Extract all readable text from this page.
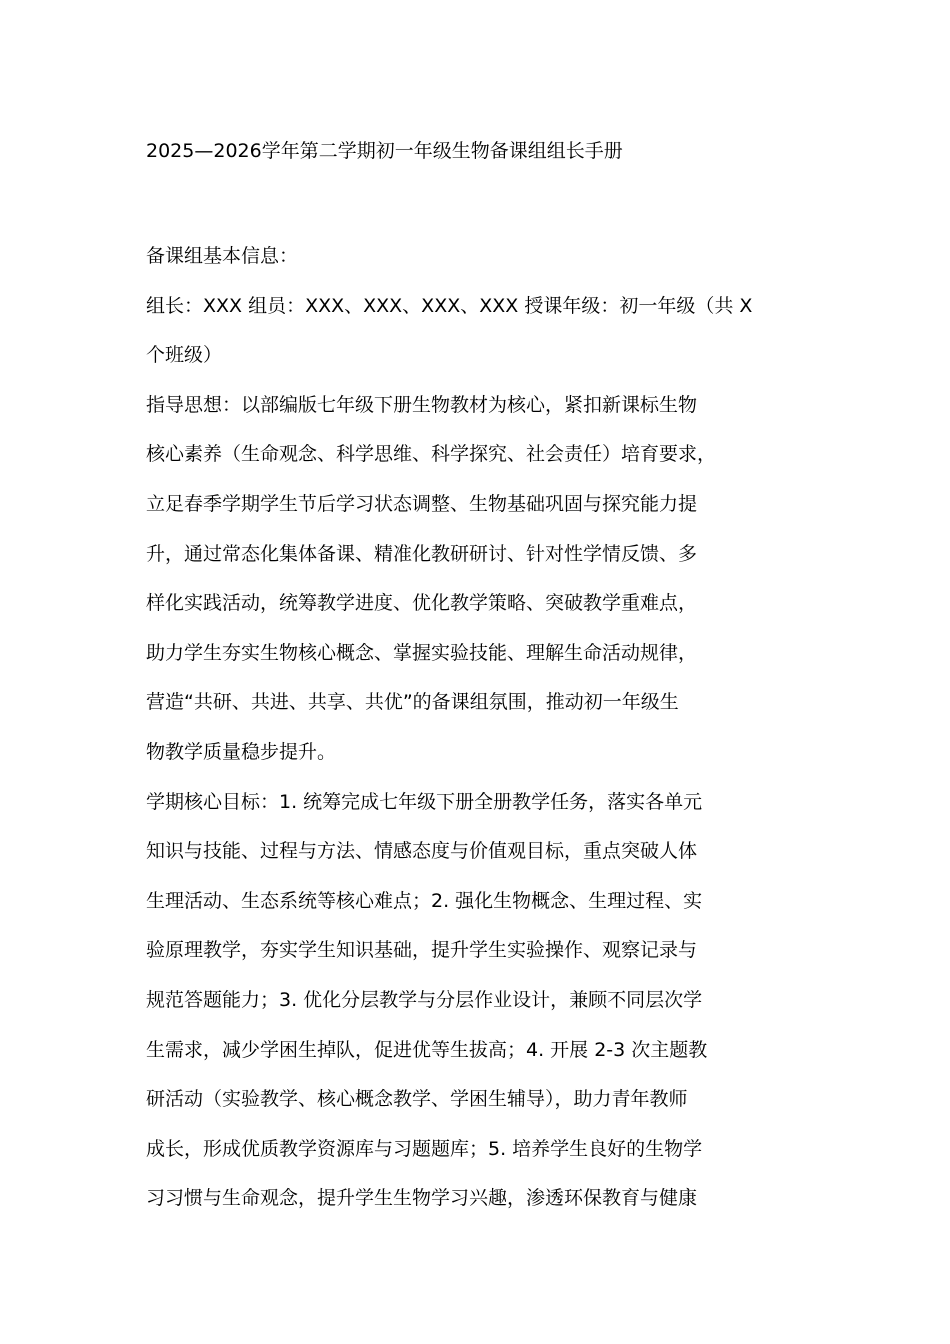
2025—2026学年第二学期初一年级生物备课组组长手册
备课组基本信息：
组长：XXX 组员：XXX、XXX、XXX、XXX 授课年级：初一年级（共 X
个班级）
指导思想：以部编版七年级下册生物教材为核心，紧扣新课标生物
核心素养（生命观念、科学思维、科学探究、社会责任）培育要求，
立足春季学期学生节后学习状态调整、生物基础巩固与探究能力提
升，通过常态化集体备课、精准化教研研讨、针对性学情反馈、多
样化实践活动，统筹教学进度、优化教学策略、突破教学重难点，
助力学生夯实生物核心概念、掌握实验技能、理解生命活动规律，
营造“共研、共进、共享、共优”的备课组氛围，推动初一年级生
物教学质量稳步提升。
学期核心目标：1. 统筹完成七年级下册全册教学任务，落实各单元
知识与技能、过程与方法、情感态度与价值观目标，重点突破人体
生理活动、生态系统等核心难点；2. 强化生物概念、生理过程、实
验原理教学，夯实学生知识基础，提升学生实验操作、观察记录与
规范答题能力；3. 优化分层教学与分层作业设计，兼顾不同层次学
生需求，减少学困生掉队，促进优等生拔高；4. 开展 2-3 次主题教
研活动（实验教学、核心概念教学、学困生辅导），助力青年教师
成长，形成优质教学资源库与习题题库；5. 培养学生良好的生物学
习习惯与生命观念，提升学生生物学习兴趣，渗透环保教育与健康
